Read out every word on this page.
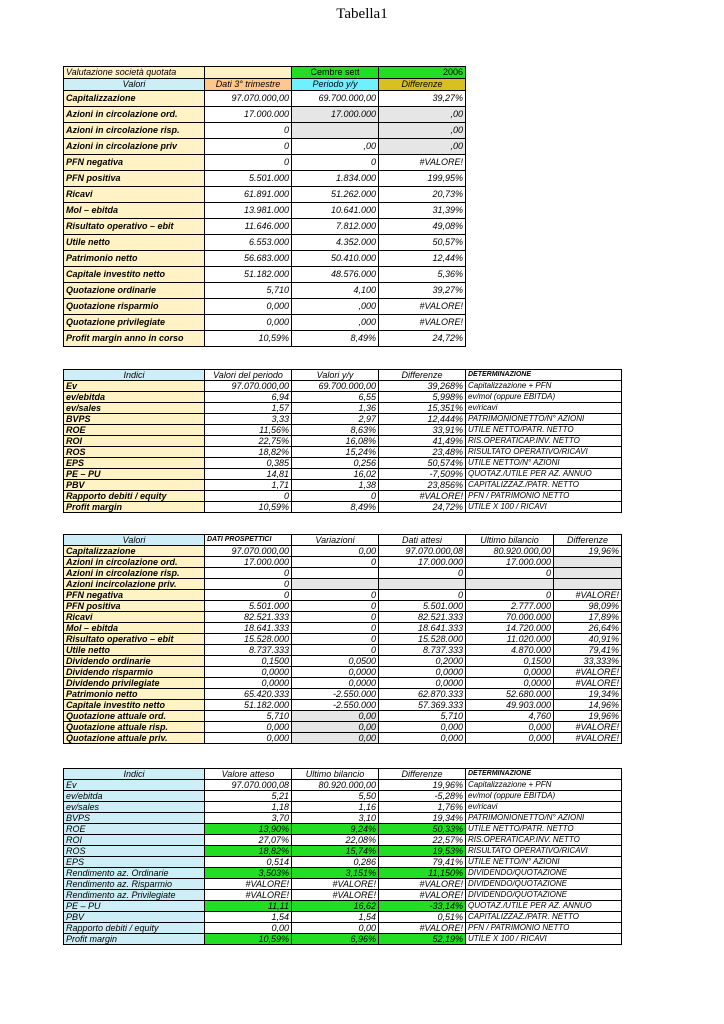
Tabella1
Valutazione società quotata		Cembre sett	2006
Valori	Dati 3° trimestre	Periodo y/y	Differenze
Capitalizzazione	97.070.000,00	69.700.000,00	39,27%
Azioni in circolazione ord.	17.000.000	17.000.000	,00
Azioni in circolazione risp.	0		,00
Azioni in circolazione priv	0	,00	,00
PFN negativa	0	0	#VALORE!
PFN positiva	5.501.000	1.834.000	199,95%
Ricavi	61.891.000	51.262.000	20,73%
Mol – ebitda	13.981.000	10.641.000	31,39%
Risultato operativo – ebit	11.646.000	7.812.000	49,08%
Utile netto	6.553.000	4.352.000	50,57%
Patrimonio netto	56.683.000	50.410.000	12,44%
Capitale investito netto	51.182.000	48.576.000	5,36%
Quotazione ordinarie	5,710	4,100	39,27%
Quotazione risparmio	0,000	,000	#VALORE!
Quotazione privilegiate	0,000	,000	#VALORE!
Profit margin anno in corso	10,59%	8,49%	24,72%
Indici	Valori del periodo	Valori y/y	Differenze	DETERMINAZIONE
Ev	97.070.000,00	69.700.000,00	39,268%	Capitalizzazione + PFN
ev/ebitda	6,94	6,55	5,998%	ev/mol (oppure EBITDA)
ev/sales	1,57	1,36	15,351%	ev/ricavi
BVPS	3,33	2,97	12,444%	PATRIMONIONETTO/N° AZIONI
ROE	11,56%	8,63%	33,91%	UTILE NETTO/PATR. NETTO
ROI	22,75%	16,08%	41,49%	RIS.OPERATICAP.INV. NETTO
ROS	18,82%	15,24%	23,48%	RISULTATO OPERATIVO/RICAVI
EPS	0,385	0,256	50,574%	UTILE NETTO/N° AZIONI
PE – PU	14,81	16,02	-7,509%	QUOTAZ./UTILE PER AZ. ANNUO
PBV	1,71	1,38	23,856%	CAPITALIZZAZ./PATR. NETTO
Rapporto debiti / equity	0	0	#VALORE!	PFN / PATRIMONIO NETTO
Profit margin	10,59%	8,49%	24,72%	UTILE X 100 / RICAVI
Valori	DATI PROSPETTICI	Variazioni	Dati attesi	Ultimo bilancio	Differenze
Capitalizzazione	97.070.000,00	0,00	97.070.000,08	80.920.000,00	19,96%
Azioni in circolazione ord.	17.000.000	0	17.000.000	17.000.000	
Azioni in circolazione risp.	0		0	0	
Azioni incircolazione priv.	0				
PFN negativa	0	0	0	0	#VALORE!
PFN positiva	5.501.000	0	5.501.000	2.777.000	98,09%
Ricavi	82.521.333	0	82.521.333	70.000.000	17,89%
Mol – ebitda	18.641.333	0	18.641.333	14.720.000	26,64%
Risultato operativo – ebit	15.528.000	0	15.528.000	11.020.000	40,91%
Utile netto	8.737.333	0	8.737.333	4.870.000	79,41%
Dividendo ordinarie	0,1500	0,0500	0,2000	0,1500	33,333%
Dividendo risparmio	0,0000	0,0000	0,0000	0,0000	#VALORE!
Dividendo privilegiate	0,0000	0,0000	0,0000	0,0000	#VALORE!
Patrimonio netto	65.420.333	-2.550.000	62.870.333	52.680.000	19,34%
Capitale investito netto	51.182.000	-2.550.000	57.369.333	49.903.000	14,96%
Quotazione attuale ord.	5,710	0,00	5,710	4,760	19,96%
Quotazione attuale risp.	0,000	0,00	0,000	0,000	#VALORE!
Quotazione attuale priv.	0,000	0,00	0,000	0,000	#VALORE!
Indici	Valore atteso	Ultimo bilancio	Differenze	DETERMINAZIONE
Ev	97.070.000,08	80.920.000,00	19,96%	Capitalizzazione + PFN
ev/ebitda	5,21	5,50	-5,28%	ev/mol (oppure EBITDA)
ev/sales	1,18	1,16	1,76%	ev/ricavi
BVPS	3,70	3,10	19,34%	PATRIMONIONETTO/N° AZIONI
ROE	13,90%	9,24%	50,33%	UTILE NETTO/PATR. NETTO
ROI	27,07%	22,08%	22,57%	RIS.OPERATICAP.INV. NETTO
ROS	18,82%	15,74%	19,53%	RISULTATO OPERATIVO/RICAVI
EPS	0,514	0,286	79,41%	UTILE NETTO/N° AZIONI
Rendimento az. Ordinarie	3,503%	3,151%	11,150%	DIVIDENDO/QUOTAZIONE
Rendimento az. Risparmio	#VALORE!	#VALORE!	#VALORE!	DIVIDENDO/QUOTAZIONE
Rendimento az. Privilegiate	#VALORE!	#VALORE!	#VALORE!	DIVIDENDO/QUOTAZIONE
PE – PU	11,11	16,62	-33,14%	QUOTAZ./UTILE PER AZ. ANNUO
PBV	1,54	1,54	0,51%	CAPITALIZZAZ./PATR. NETTO
Rapporto debiti / equity	0,00	0,00	#VALORE!	PFN / PATRIMONIO NETTO
Profit margin	10,59%	6,96%	52,19%	UTILE X 100 / RICAVI
